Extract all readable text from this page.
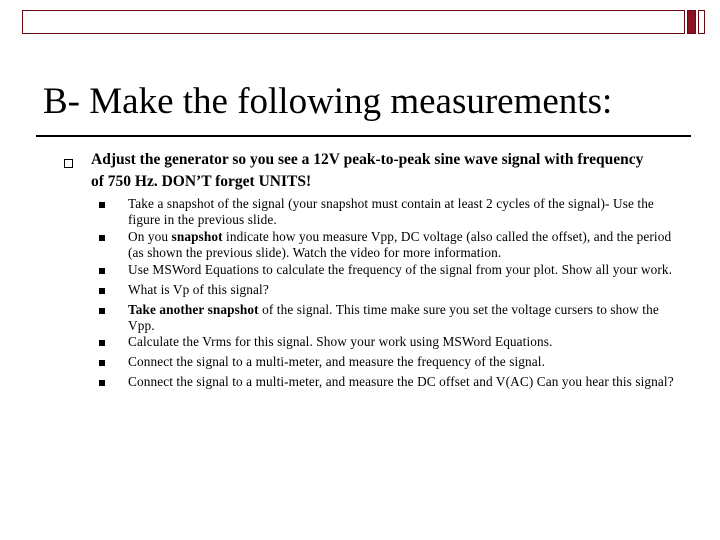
B- Make the following measurements:
Adjust the generator so you see a 12V peak-to-peak sine wave signal with frequency of 750 Hz. DON’T forget UNITS!
Take a snapshot of the signal (your snapshot must contain at least 2 cycles of the signal)- Use the figure in the previous slide.
On you snapshot indicate how you measure Vpp, DC voltage (also called the offset), and the period (as shown the previous slide). Watch the video for more information.
Use MSWord Equations to calculate the frequency of the signal from your plot. Show all your work.
What is Vp of this signal?
Take another snapshot of the signal. This time make sure you set the voltage cursers to show the Vpp.
Calculate the Vrms for this signal. Show your work using MSWord Equations.
Connect the signal to a multi-meter, and measure the frequency of the signal.
Connect the signal to a multi-meter, and measure the DC offset and V(AC) Can you hear this signal?
